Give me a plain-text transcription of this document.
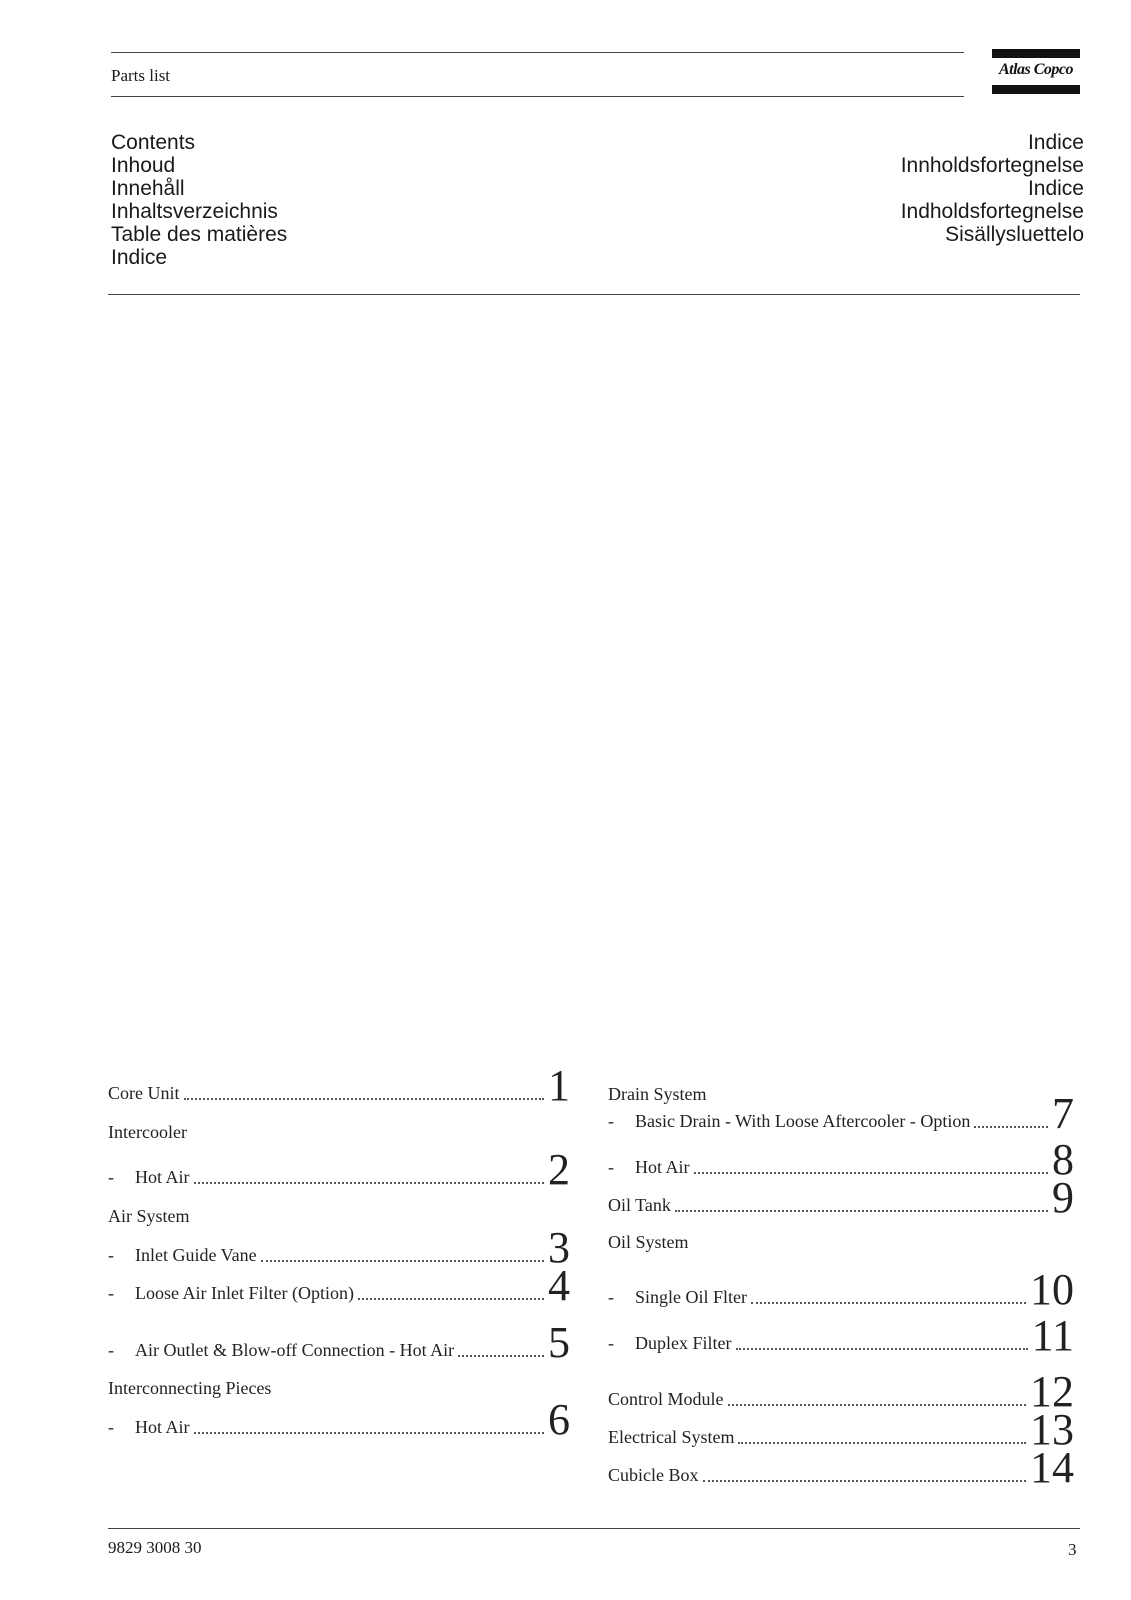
Parts list	Atlas Copco
Contents
Inhoud
Innehåll
Inhaltsverzeichnis
Table des matières
Indice
Indice
Innholdsfortegnelse
Indice
Indholdsfortegnelse
Sisällysluettelo
Core Unit	1
Intercooler
-	Hot Air	2
Air System
-	Inlet Guide Vane	3
-	Loose Air Inlet Filter (Option)	4
-	Air Outlet & Blow-off Connection - Hot Air 5
Interconnecting Pieces
-	Hot Air	6
Drain System
-	Basic Drain - With Loose Aftercooler - Option 7
-	Hot Air	8
Oil Tank	9
Oil System
-	Single Oil Flter	10
-	Duplex Filter	11
Control Module	12
Electrical System	13
Cubicle Box	14
9829 3008 30	3
